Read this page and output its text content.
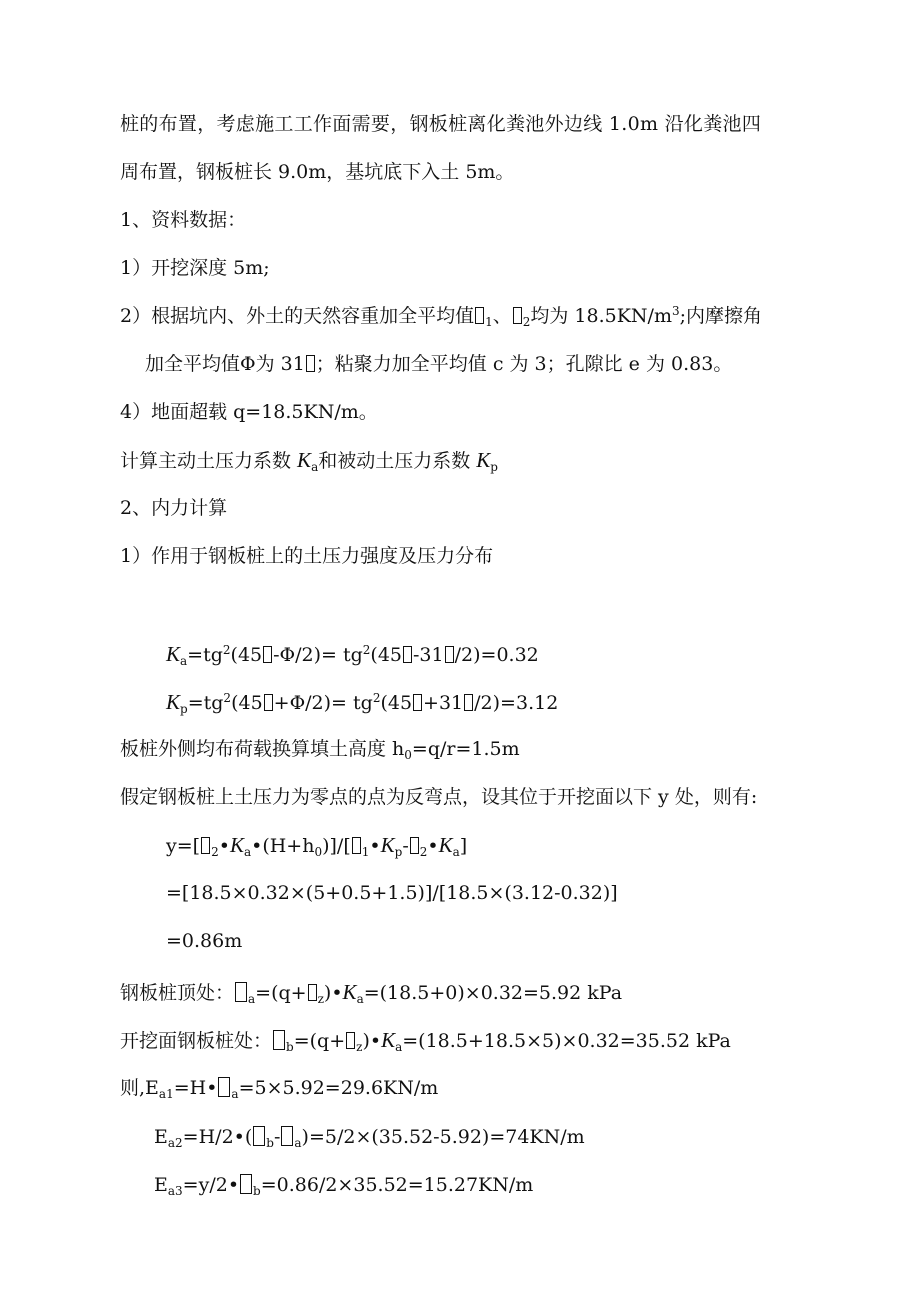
桩的布置，考虑施工工作面需要，钢板桩离化粪池外边线 1.0m 沿化粪池四
周布置，钢板桩长 9.0m，基坑底下入土 5m。
1、资料数据：
1）开挖深度 5m;
2）根据坑内、外土的天然容重加全平均值 $_1$、 $_2$均为 $18.5KN/m^3$;内摩擦角
加全平均值Φ为 31 ；粘聚力加全平均值 c 为 3；孔隙比 e 为 0.83。
4）地面超载 q=18.5KN/m。
计算主动土压力系数 $K_a$和被动土压力系数 $K_p$
2、内力计算
1）作用于钢板桩上的土压力强度及压力分布
$K_a=tg^2(45$ $-\Phi/2)= tg^2(45$ -31 /2)=0.32
$K_p=tg^2(45 +\Phi/2)= tg^2(45 +31$ /2)=3.12
板桩外侧均布荷载换算填土高度 $h_0=q/r=1.5m$
假定钢板桩上土压力为零点的点为反弯点，设其位于开挖面以下 y 处，则有:
y=[ $_2•K_a•(H+h_0)]/$[ $_1•K_p-$ $_2•K_a$]
=[18.5×0.32×(5+0.5+1.5)]/[18.5×(3.12-0.32)]
=0.86m
钢板桩顶处： $_a=(q+ _z)•K_a=(18.5+0)\times 0.32=5.92$ kPa
开挖面钢板桩处： $_b=(q+ _z)•K_a=(18.5+18.5\times 5)\times 0.32=35.52$ kPa
则$,E_{a1}=H•$ $_a$=5×5.92=29.6KN/m
$E_{a2}=H/2•$( $_b$- $_a$)=5/2×(35.52-5.92)=74KN/m
$E_{a3}=y/2•$ $_b$=0.86/2×35.52=15.27KN/m
